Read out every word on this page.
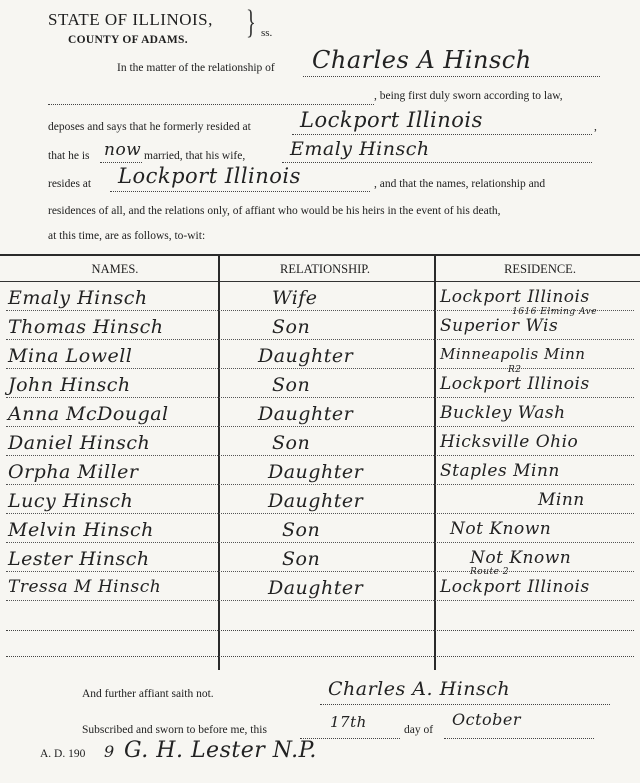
STATE OF ILLINOIS,
COUNTY OF ADAMS. } ss.
In the matter of the relationship of Charles A Hinsch
, being first duly sworn according to law,
deposes and says that he formerly resided at Lockport Illinois	,
that he is now married, that his wife, Emaly Hinsch
resides at Lockport Illinois	, and that the names, relationship and
residences of all, and the relations only, of affiant who would be his heirs in the event of his death,
at this time, are as follows, to-wit:
NAMES.	RELATIONSHIP.	RESIDENCE.
Emaly Hinsch	Wife	Lockport Illinois
Thomas Hinsch	Son	Superior Wis
1616 Elming Ave
Mina Lowell	Daughter	Minneapolis Minn
John Hinsch	Son	Lockport Illinois
R2
Anna McDougal	Daughter	Buckley Wash
Daniel Hinsch	Son	Hicksville Ohio
Orpha Miller	Daughter	Staples Minn
Lucy Hinsch	Daughter	Minn
Melvin Hinsch	Son	Not Known
Lester Hinsch	Son	Not Known
Tressa M Hinsch	Daughter	Lockport Illinois
Route 2
And further affiant saith not.	Charles A. Hinsch
Subscribed and sworn to before me, this	17th	day of
October
A. D. 190 9 G. H. Lester N.P.
